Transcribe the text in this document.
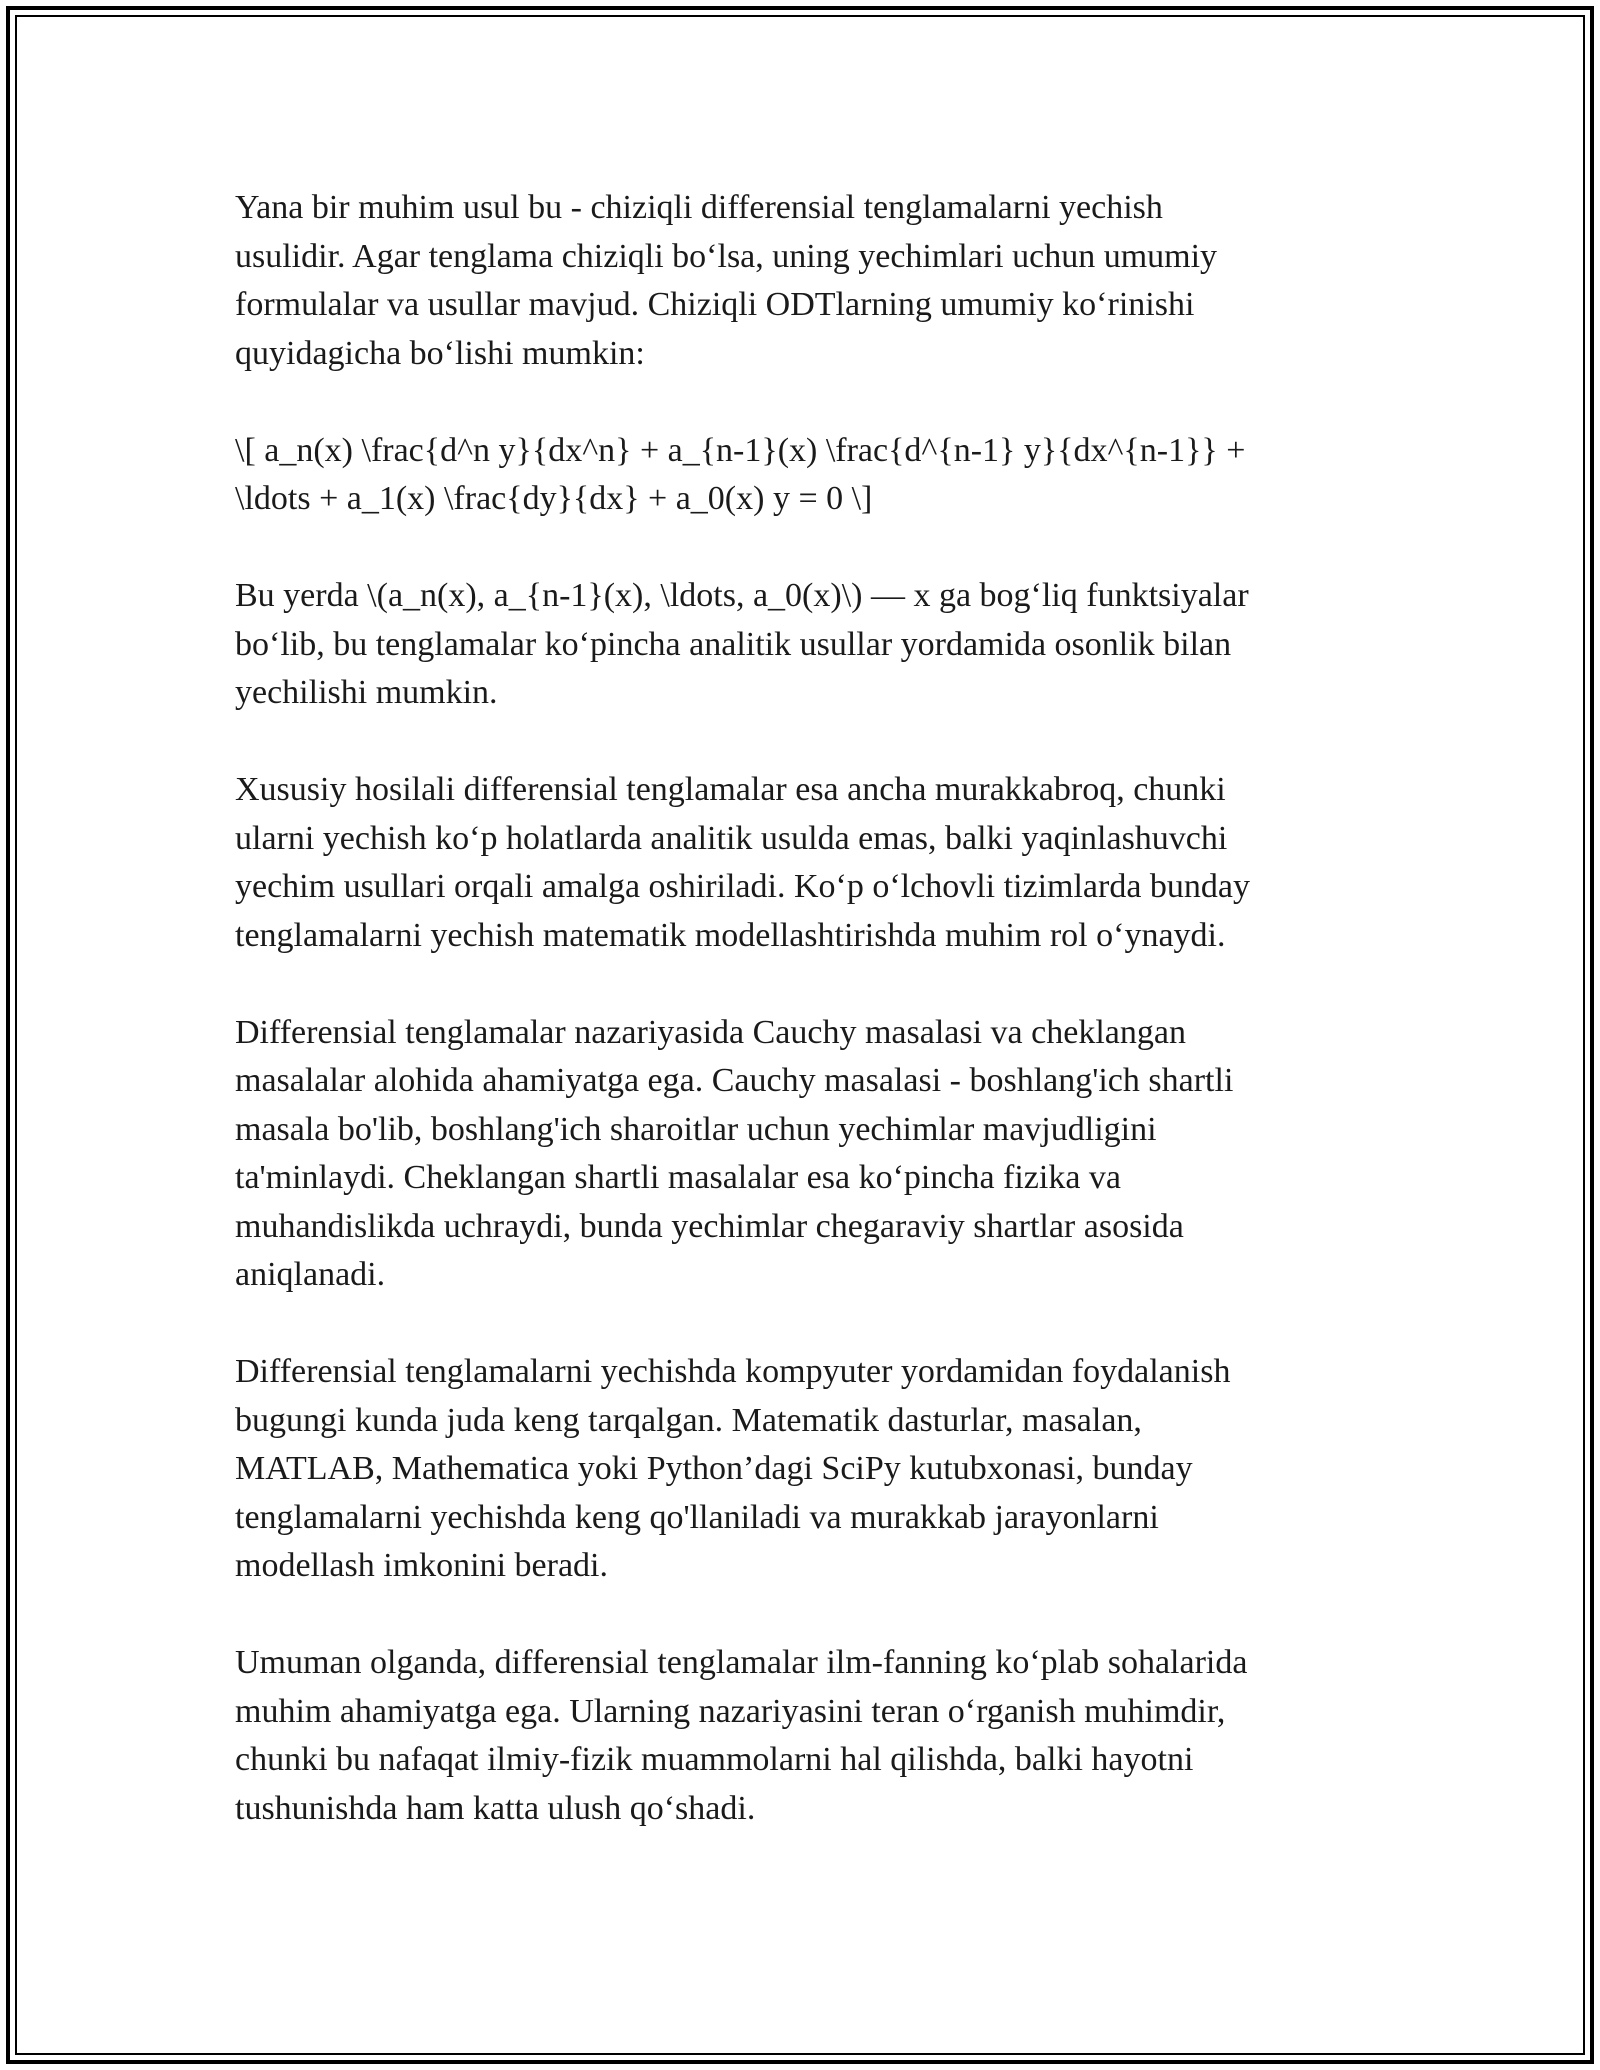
Yana bir muhim usul bu - chiziqli differensial tenglamalarni yechish
usulidir. Agar tenglama chiziqli bo‘lsa, uning yechimlari uchun umumiy
formulalar va usullar mavjud. Chiziqli ODTlarning umumiy ko‘rinishi
quyidagicha bo‘lishi mumkin:

\[ a_n(x) \frac{d^n y}{dx^n} + a_{n-1}(x) \frac{d^{n-1} y}{dx^{n-1}} +
\ldots + a_1(x) \frac{dy}{dx} + a_0(x) y = 0 \]

Bu yerda \(a_n(x), a_{n-1}(x), \ldots, a_0(x)\) — x ga bog‘liq funktsiyalar
bo‘lib, bu tenglamalar ko‘pincha analitik usullar yordamida osonlik bilan
yechilishi mumkin.

Xususiy hosilali differensial tenglamalar esa ancha murakkabroq, chunki
ularni yechish ko‘p holatlarda analitik usulda emas, balki yaqinlashuvchi
yechim usullari orqali amalga oshiriladi. Ko‘p o‘lchovli tizimlarda bunday
tenglamalarni yechish matematik modellashtirishda muhim rol o‘ynaydi.

Differensial tenglamalar nazariyasida Cauchy masalasi va cheklangan
masalalar alohida ahamiyatga ega. Cauchy masalasi - boshlang'ich shartli
masala bo'lib, boshlang'ich sharoitlar uchun yechimlar mavjudligini
ta'minlaydi. Cheklangan shartli masalalar esa ko‘pincha fizika va
muhandislikda uchraydi, bunda yechimlar chegaraviy shartlar asosida
aniqlanadi.

Differensial tenglamalarni yechishda kompyuter yordamidan foydalanish
bugungi kunda juda keng tarqalgan. Matematik dasturlar, masalan,
MATLAB, Mathematica yoki Python’dagi SciPy kutubxonasi, bunday
tenglamalarni yechishda keng qo'llaniladi va murakkab jarayonlarni
modellash imkonini beradi.

Umuman olganda, differensial tenglamalar ilm-fanning ko‘plab sohalarida
muhim ahamiyatga ega. Ularning nazariyasini teran o‘rganish muhimdir,
chunki bu nafaqat ilmiy-fizik muammolarni hal qilishda, balki hayotni
tushunishda ham katta ulush qo‘shadi.
